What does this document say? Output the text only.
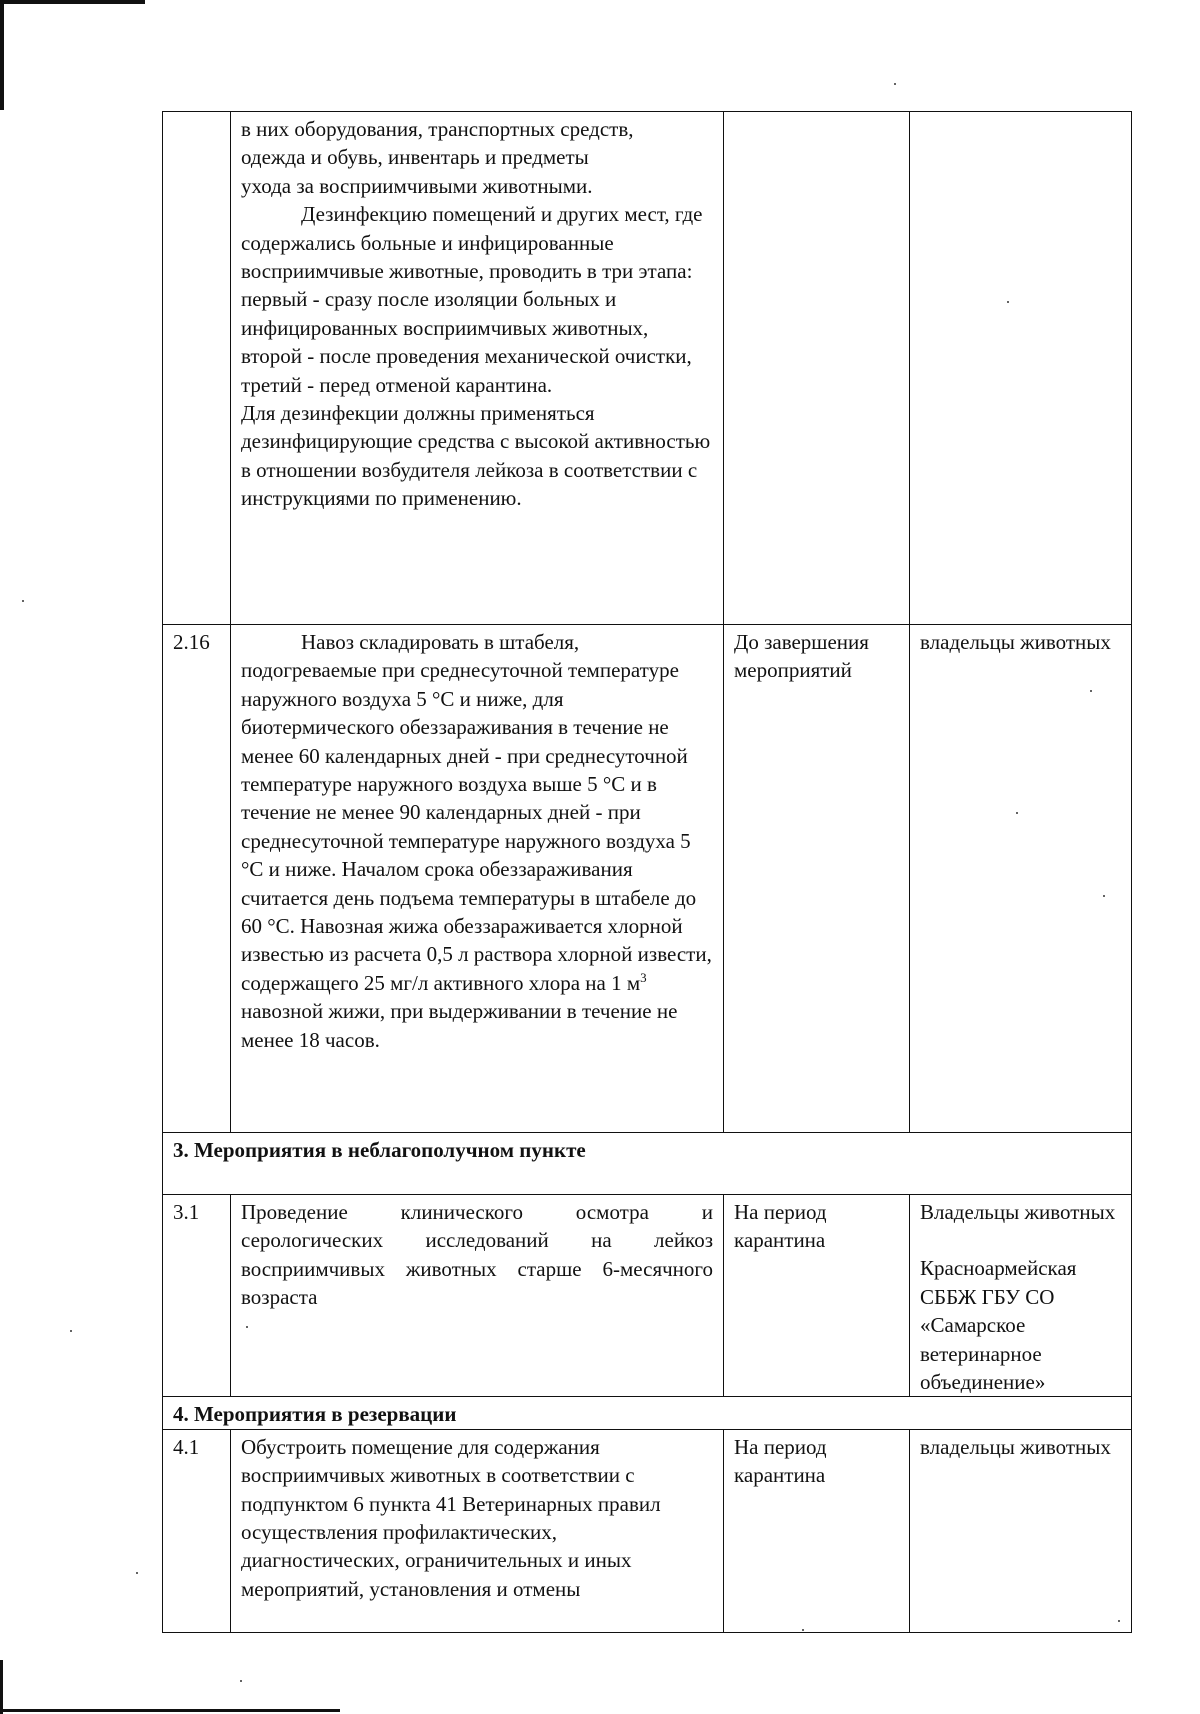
	в них оборудования, транспортных средств,

одежда и обувь, инвентарь и предметы

ухода за восприимчивыми животными.

Дезинфекцию помещений и других мест, где содержались больные и инфицированные восприимчивые животные, проводить в три этапа: первый - сразу после изоляции больных и инфицированных восприимчивых животных, второй - после проведения механической очистки, третий - перед отменой карантина.

Для дезинфекции должны применяться дезинфицирующие средства с высокой активностью в отношении возбудителя лейкоза в соответствии с инструкциями по применению.		

2.16	Навоз складировать в штабеля, подогреваемые при среднесуточной температуре наружного воздуха 5 °С и ниже, для биотермического обеззараживания в течение не менее 60 календарных дней - при среднесуточной температуре наружного воздуха выше 5 °С и в течение не менее 90 календарных дней - при среднесуточной температуре наружного воздуха 5 °С и ниже. Началом срока обеззараживания считается день подъема температуры в штабеле до 60 °С. Навозная жижа обеззараживается хлорной известью из расчета 0,5 л раствора хлорной извести, содержащего 25 мг/л активного хлора на 1 $м^3$ навозной жижи, при выдерживании в течение не менее 18 часов.	До завершения мероприятий	владельцы животных
3. Мероприятия в неблагополучном пункте			
3.1	Проведение клинического осмотра и серологических исследований на лейкоз восприимчивых животных старше 6-месячного возраста	На период карантина	Владельцы животных

Красноармейская СББЖ ГБУ СО «Самарское ветеринарное объединение»

4. Мероприятия в резервации			
4.1	Обустроить помещение для содержания восприимчивых животных в соответствии с подпунктом 6 пункта 41 Ветеринарных правил осуществления профилактических, диагностических, ограничительных и иных мероприятий, установления и отмены	На период карантина	владельцы животных
